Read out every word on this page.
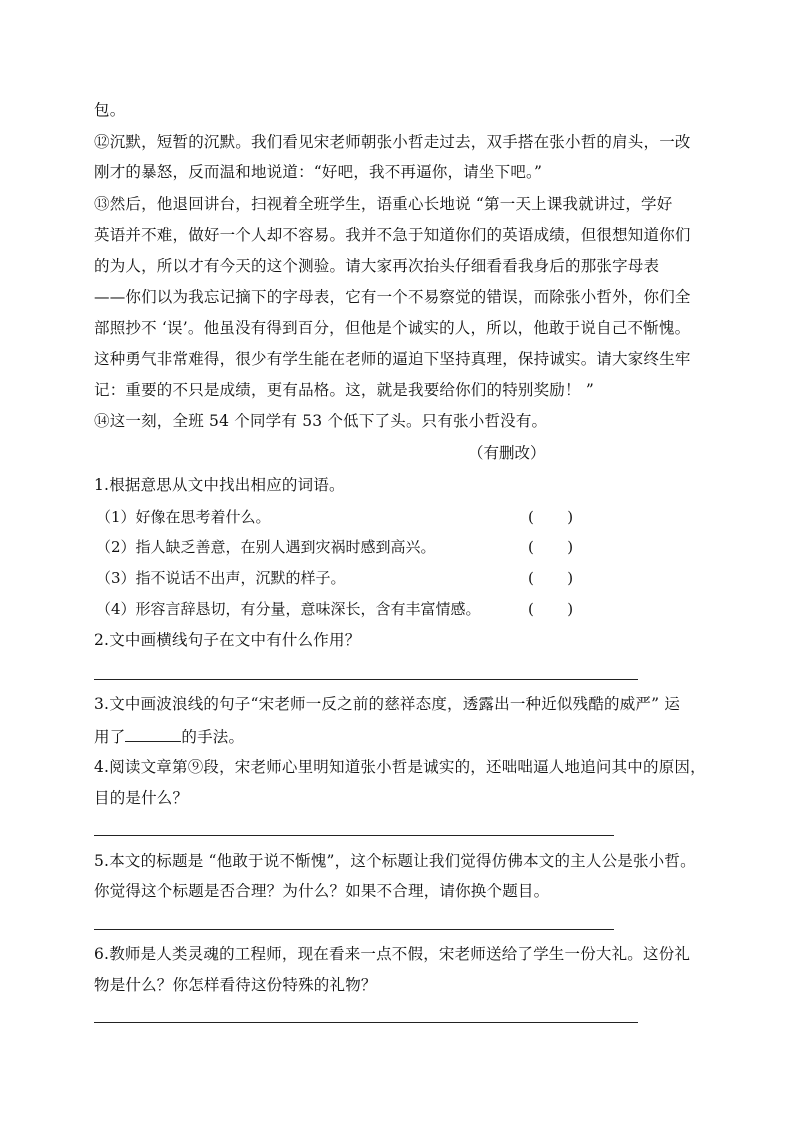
包。
⑫沉默，短暂的沉默。我们看见宋老师朝张小哲走过去，双手搭在张小哲的肩头，一改
刚才的暴怒，反而温和地说道：“好吧，我不再逼你，请坐下吧。”
⑬然后，他退回讲台，扫视着全班学生，语重心长地说 “第一天上课我就讲过，学好
英语并不难，做好一个人却不容易。我并不急于知道你们的英语成绩，但很想知道你们
的为人，所以才有今天的这个测验。请大家再次抬头仔细看看我身后的那张字母表
——你们以为我忘记摘下的字母表，它有一个不易察觉的错误，而除张小哲外，你们全
部照抄不 ‘误’。他虽没有得到百分，但他是个诚实的人，所以，他敢于说自己不惭愧。
这种勇气非常难得，很少有学生能在老师的逼迫下坚持真理，保持诚实。请大家终生牢
记：重要的不只是成绩，更有品格。这，就是我要给你们的特别奖励！ ”
⑭这一刻，全班 54 个同学有 53 个低下了头。只有张小哲没有。
（有删改）
1.根据意思从文中找出相应的词语。
（1）好像在思考着什么。	(       )
（2）指人缺乏善意，在别人遇到灾祸时感到高兴。	(       )
（3）指不说话不出声，沉默的样子。	(       )
（4）形容言辞恳切，有分量，意味深长，含有丰富情感。	(       )
2.文中画横线句子在文中有什么作用？
3.文中画波浪线的句子“宋老师一反之前的慈祥态度，透露出一种近似残酷的威严” 运
用了	的手法。
4.阅读文章第⑨段，宋老师心里明知道张小哲是诚实的，还咄咄逼人地追问其中的原因，
目的是什么？
5.本文的标题是 “他敢于说不惭愧”，这个标题让我们觉得仿佛本文的主人公是张小哲。
你觉得这个标题是否合理？为什么？如果不合理，请你换个题目。
6.教师是人类灵魂的工程师，现在看来一点不假，宋老师送给了学生一份大礼。这份礼
物是什么？你怎样看待这份特殊的礼物？
